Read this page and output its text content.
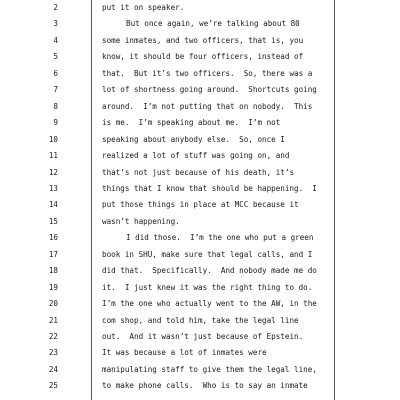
2	put it on speaker.
3	But once again, we’re talking about 80
4	some inmates, and two officers, that is, you
5	know, it should be four officers, instead of
6	that.  But it’s two officers.  So, there was a
7	lot of shortness going around.  Shortcuts going
8	around.  I’m not putting that on nobody.  This
9	is me.  I’m speaking about me.  I’m not
10	speaking about anybody else.  So, once I
11	realized a lot of stuff was going on, and
12	that’s not just because of his death, it’s
13	things that I know that should be happening.  I
14	put those things in place at MCC because it
15	wasn’t happening.
16	I did those.  I’m the one who put a green
17	book in SHU, make sure that legal calls, and I
18	did that.  Specifically.  And nobody made me do
19	it.  I just knew it was the right thing to do.
20	I’m the one who actually went to the AW, in the
21	com shop, and told him, take the legal line
22	out.  And it wasn’t just because of Epstein.
23	It was because a lot of inmates were
24	manipulating staff to give them the legal line,
25	to make phone calls.  Who is to say an inmate
